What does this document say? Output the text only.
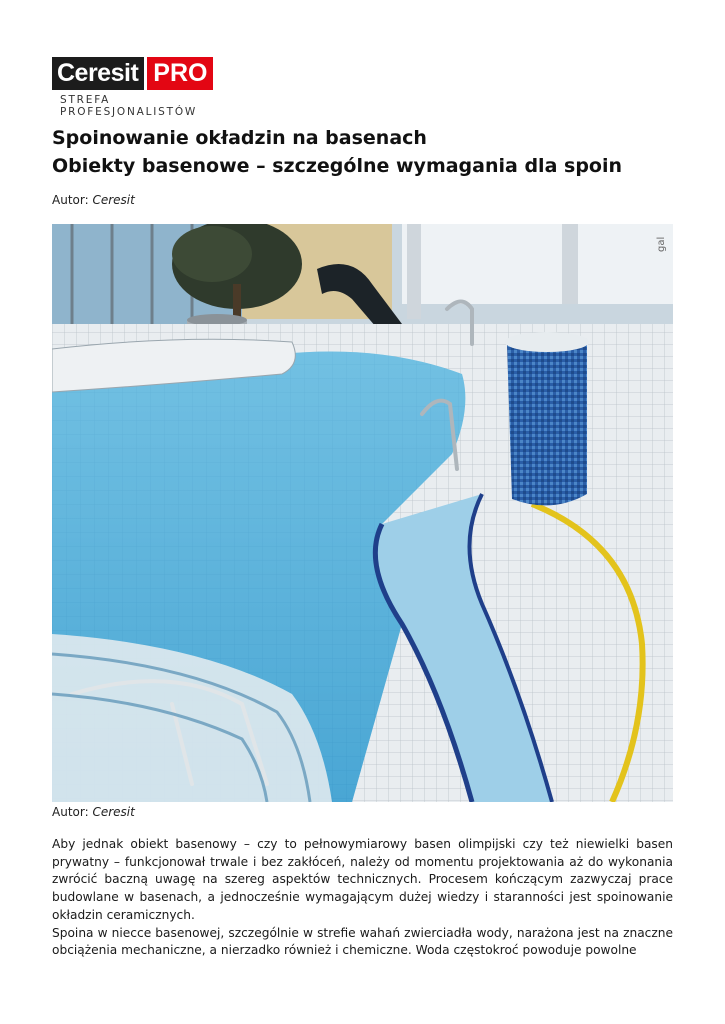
Ceresit PRO
STREFA PROFESJONALISTÓW
Spoinowanie okładzin na basenach
Obiekty basenowe – szczególne wymagania dla spoin
Autor: Ceresit
gal
Autor: Ceresit

Aby jednak obiekt basenowy – czy to pełnowymiarowy basen olimpijski czy też niewielki basen prywatny – funkcjonował trwale i bez zakłóceń, należy od momentu projektowania aż do wykonania zwrócić baczną uwagę na szereg aspektów technicznych. Procesem kończącym zazwyczaj prace budowlane w basenach, a jednocześnie wymagającym dużej wiedzy i staranności jest spoinowanie okładzin ceramicznych.

Spoina w niecce basenowej, szczególnie w strefie wahań zwierciadła wody, narażona jest na znaczne obciążenia mechaniczne, a nierzadko również i chemiczne. Woda częstokroć powoduje powolne
